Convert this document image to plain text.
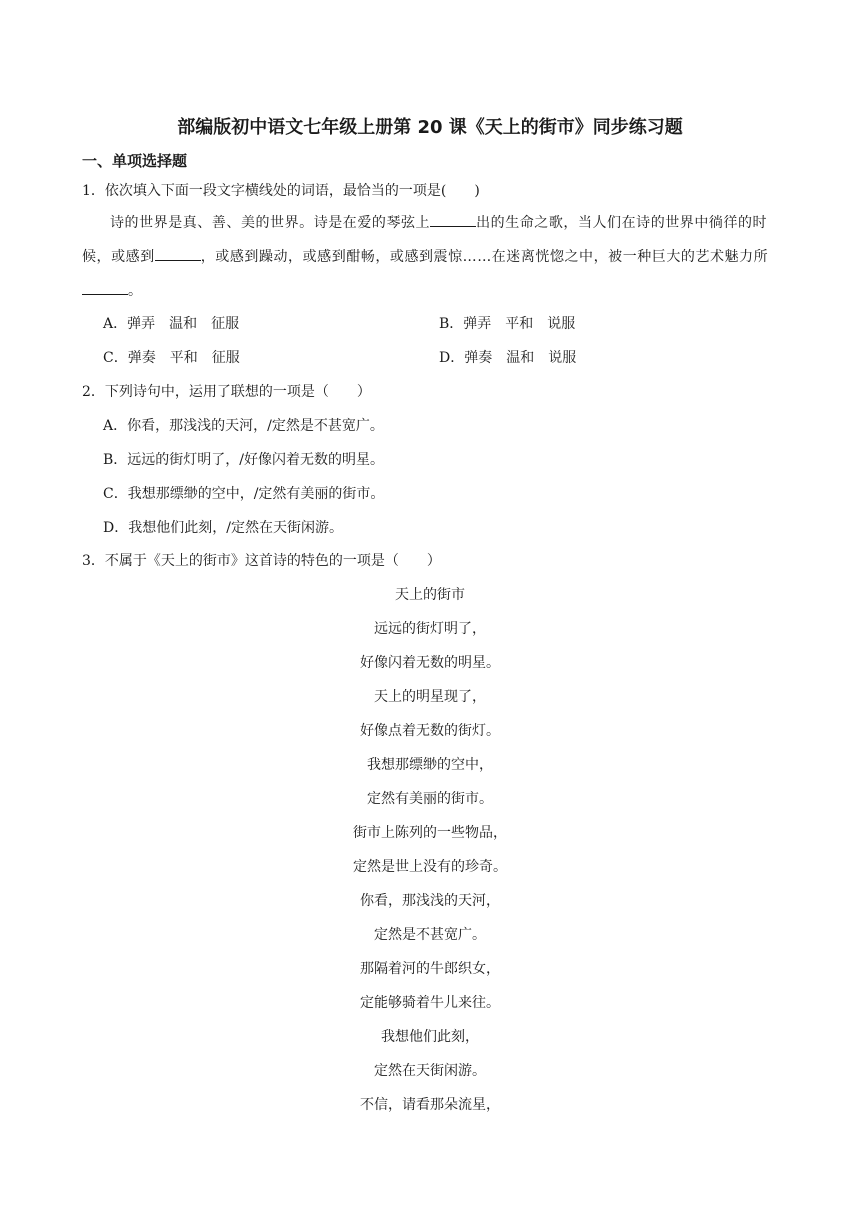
部编版初中语文七年级上册第 20 课《天上的街市》同步练习题
一、单项选择题
1．依次填入下面一段文字横线处的词语，最恰当的一项是(　　)
诗的世界是真、善、美的世界。诗是在爱的琴弦上	出的生命之歌，当人们在诗的世界中徜徉的时候，或感到	，或感到躁动，或感到酣畅，或感到震惊……在迷离恍惚之中，被一种巨大的艺术魅力所。
A．弹弄　温和　征服	B．弹弄　平和　说服
C．弹奏　平和　征服	D．弹奏　温和　说服
2．下列诗句中，运用了联想的一项是（　　）
A．你看，那浅浅的天河，/定然是不甚宽广。
B．远远的街灯明了，/好像闪着无数的明星。
C．我想那缥缈的空中，/定然有美丽的街市。
D．我想他们此刻，/定然在天街闲游。
3．不属于《天上的街市》这首诗的特色的一项是（　　）
天上的街市
远远的街灯明了，
好像闪着无数的明星。
天上的明星现了，
好像点着无数的街灯。
我想那缥缈的空中，
定然有美丽的街市。
街市上陈列的一些物品，
定然是世上没有的珍奇。
你看，那浅浅的天河，
定然是不甚宽广。
那隔着河的牛郎织女，
定能够骑着牛儿来往。
我想他们此刻，
定然在天街闲游。
不信，请看那朵流星，
